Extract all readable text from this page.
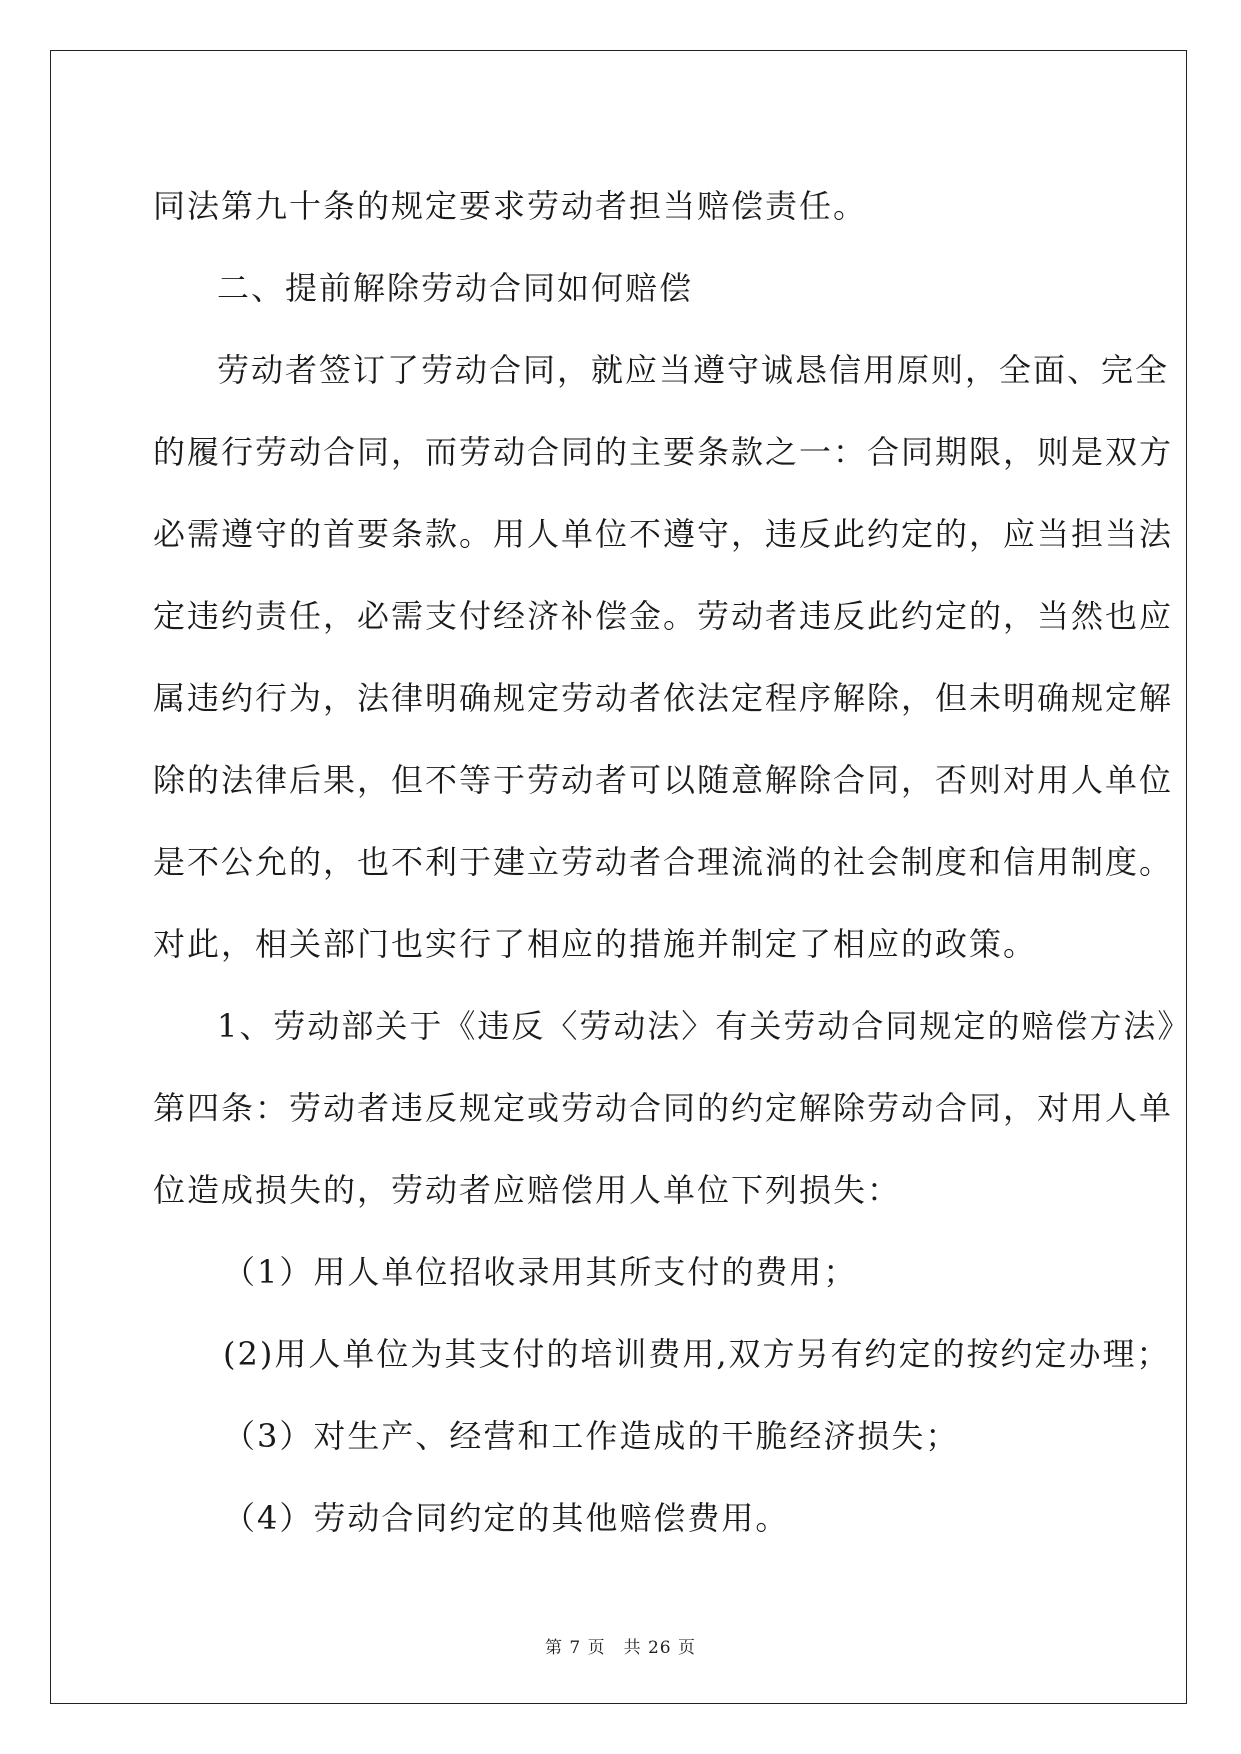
同法第九十条的规定要求劳动者担当赔偿责任。

二、提前解除劳动合同如何赔偿

劳动者签订了劳动合同，就应当遵守诚恳信用原则，全面、完全

的履行劳动合同，而劳动合同的主要条款之一：合同期限，则是双方

必需遵守的首要条款。用人单位不遵守，违反此约定的，应当担当法

定违约责任，必需支付经济补偿金。劳动者违反此约定的，当然也应

属违约行为，法律明确规定劳动者依法定程序解除，但未明确规定解

除的法律后果，但不等于劳动者可以随意解除合同，否则对用人单位

是不公允的，也不利于建立劳动者合理流淌的社会制度和信用制度。

对此，相关部门也实行了相应的措施并制定了相应的政策。

1、劳动部关于《违反〈劳动法〉有关劳动合同规定的赔偿方法》

第四条：劳动者违反规定或劳动合同的约定解除劳动合同，对用人单

位造成损失的，劳动者应赔偿用人单位下列损失：

（1）用人单位招收录用其所支付的费用；

(2)用人单位为其支付的培训费用,双方另有约定的按约定办理；

（3）对生产、经营和工作造成的干脆经济损失；

（4）劳动合同约定的其他赔偿费用。

第 7 页　共 26 页
